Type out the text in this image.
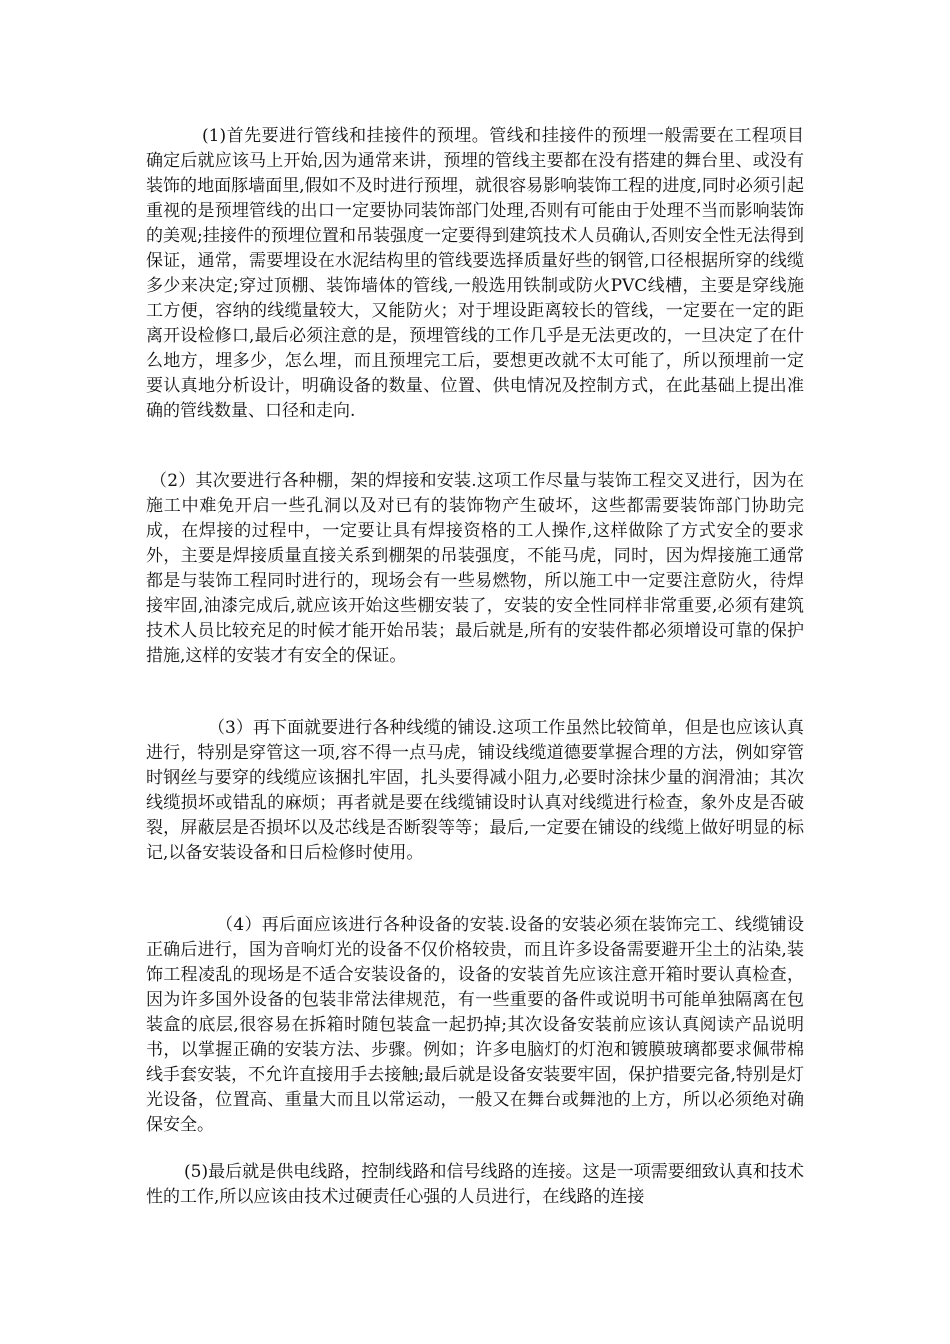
(1)首先要进行管线和挂接件的预埋。管线和挂接件的预埋一般需要在工程项目确定后就应该马上开始,因为通常来讲，预埋的管线主要都在没有搭建的舞台里、或没有装饰的地面豚墙面里,假如不及时进行预埋，就很容易影响装饰工程的进度,同时必须引起重视的是预埋管线的出口一定要协同装饰部门处理,否则有可能由于处理不当而影响装饰的美观;挂接件的预埋位置和吊装强度一定要得到建筑技术人员确认,否则安全性无法得到保证，通常，需要埋设在水泥结构里的管线要选择质量好些的钢管,口径根据所穿的线缆多少来决定;穿过顶棚、装饰墙体的管线,一般选用铁制或防火PVC线槽，主要是穿线施工方便，容纳的线缆量较大，又能防火；对于埋设距离较长的管线，一定要在一定的距离开设检修口,最后必须注意的是，预埋管线的工作几乎是无法更改的，一旦决定了在什么地方，埋多少，怎么埋，而且预埋完工后，要想更改就不太可能了，所以预埋前一定要认真地分析设计，明确设备的数量、位置、供电情况及控制方式，在此基础上提出准确的管线数量、口径和走向.

（2）其次要进行各种棚，架的焊接和安装.这项工作尽量与装饰工程交叉进行，因为在施工中难免开启一些孔洞以及对已有的装饰物产生破坏，这些都需要装饰部门协助完成，在焊接的过程中，一定要让具有焊接资格的工人操作,这样做除了方式安全的要求外，主要是焊接质量直接关系到棚架的吊装强度，不能马虎，同时，因为焊接施工通常都是与装饰工程同时进行的，现场会有一些易燃物，所以施工中一定要注意防火，待焊接牢固,油漆完成后,就应该开始这些棚安装了，安装的安全性同样非常重要,必须有建筑技术人员比较充足的时候才能开始吊装；最后就是,所有的安装件都必须增设可靠的保护措施,这样的安装才有安全的保证。

（3）再下面就要进行各种线缆的铺设.这项工作虽然比较简单，但是也应该认真进行，特别是穿管这一项,容不得一点马虎，铺设线缆道德要掌握合理的方法，例如穿管时钢丝与要穿的线缆应该捆扎牢固，扎头要得减小阻力,必要时涂抹少量的润滑油；其次线缆损坏或错乱的麻烦；再者就是要在线缆铺设时认真对线缆进行检查，象外皮是否破裂，屏蔽层是否损坏以及芯线是否断裂等等；最后,一定要在铺设的线缆上做好明显的标记,以备安装设备和日后检修时使用。

（4）再后面应该进行各种设备的安装.设备的安装必须在装饰完工、线缆铺设正确后进行，国为音响灯光的设备不仅价格较贵，而且许多设备需要避开尘土的沾染,装饰工程凌乱的现场是不适合安装设备的，设备的安装首先应该注意开箱时要认真检查，因为许多国外设备的包装非常法律规范，有一些重要的备件或说明书可能单独隔离在包装盒的底层,很容易在拆箱时随包装盒一起扔掉;其次设备安装前应该认真阅读产品说明书，以掌握正确的安装方法、步骤。例如；许多电脑灯的灯泡和镀膜玻璃都要求佩带棉线手套安装，不允许直接用手去接触;最后就是设备安装要牢固，保护措要完备,特别是灯光设备，位置高、重量大而且以常运动，一般又在舞台或舞池的上方，所以必须绝对确保安全。

(5)最后就是供电线路，控制线路和信号线路的连接。这是一项需要细致认真和技术性的工作,所以应该由技术过硬责任心强的人员进行，在线路的连接
